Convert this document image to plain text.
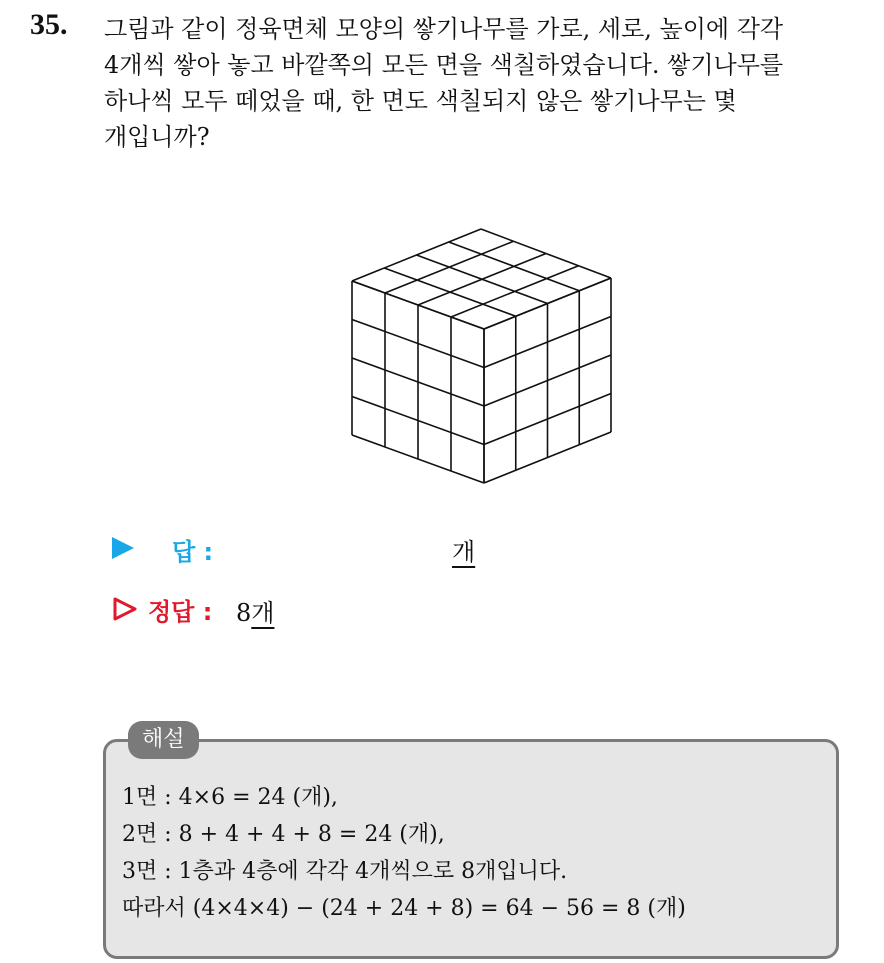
35. 그림과 같이 정육면체 모양의 쌓기나무를 가로, 세로, 높이에 각각
4개씩 쌓아 놓고 바깥쪽의 모든 면을 색칠하였습니다. 쌓기나무를
하나씩 모두 떼었을 때, 한 면도 색칠되지 않은 쌓기나무는 몇
개입니까?
답 :	개
정답 : 8개
해설
1면 : 4×6 = 24 (개),
2면 : 8 + 4 + 4 + 8 = 24 (개),
3면 : 1층과 4층에 각각 4개씩으로 8개입니다.
따라서 (4×4×4) − (24 + 24 + 8) = 64 − 56 = 8 (개)
